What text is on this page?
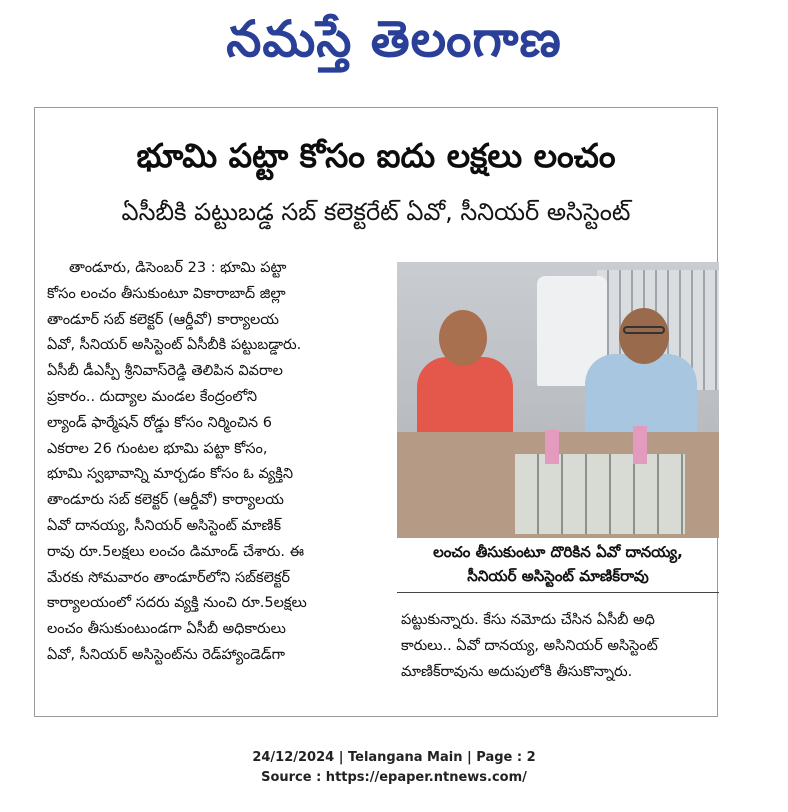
నమస్తే తెలంగాణ
భూమి పట్టా కోసం ఐదు లక్షలు లంచం
ఏసీబీకి పట్టుబడ్డ సబ్ కలెక్టరేట్ ఏవో, సీనియర్ అసిస్టెంట్
తాండూరు, డిసెంబర్ 23 : భూమి పట్టా
కోసం లంచం తీసుకుంటూ వికారాబాద్ జిల్లా
తాండూర్ సబ్ కలెక్టర్ (ఆర్డీవో) కార్యాలయ
ఏవో, సీనియర్ అసిస్టెంట్ ఏసీబీకి పట్టుబడ్డారు.
ఏసీబీ డీఎస్పీ శ్రీనివాస్‌రెడ్డి తెలిపిన వివరాల
ప్రకారం.. దుద్యాల మండల కేంద్రంలోని
ల్యాండ్ ఫార్మేషన్ రోడ్డు కోసం నిర్మించిన 6
ఎకరాల 26 గుంటల భూమి పట్టా కోసం,
భూమి స్వభావాన్ని మార్చడం కోసం ఓ వ్యక్తిని
తాండూరు సబ్ కలెక్టర్ (ఆర్డీవో) కార్యాలయ
ఏవో దానయ్య, సీనియర్ అసిస్టెంట్ మాణిక్
రావు రూ.5లక్షలు లంచం డిమాండ్ చేశారు. ఈ
మేరకు సోమవారం తాండూర్‌లోని సబ్‌కలెక్టర్
కార్యాలయంలో సదరు వ్యక్తి నుంచి రూ.5లక్షలు
లంచం తీసుకుంటుండగా ఏసీబీ అధికారులు
ఏవో, సీనియర్ అసిస్టెంట్‌ను రెడ్‌హ్యాండెడ్‌గా
లంచం తీసుకుంటూ దొరికిన ఏవో దానయ్య,
సీనియర్ అసిస్టెంట్ మాణిక్‌రావు
పట్టుకున్నారు. కేసు నమోదు చేసిన ఏసీబీ అధి
కారులు.. ఏవో దానయ్య, అసినియర్ అసిస్టెంట్
మాణిక్‌రావును అదుపులోకి తీసుకొన్నారు.
24/12/2024 | Telangana Main | Page : 2
Source : https://epaper.ntnews.com/
